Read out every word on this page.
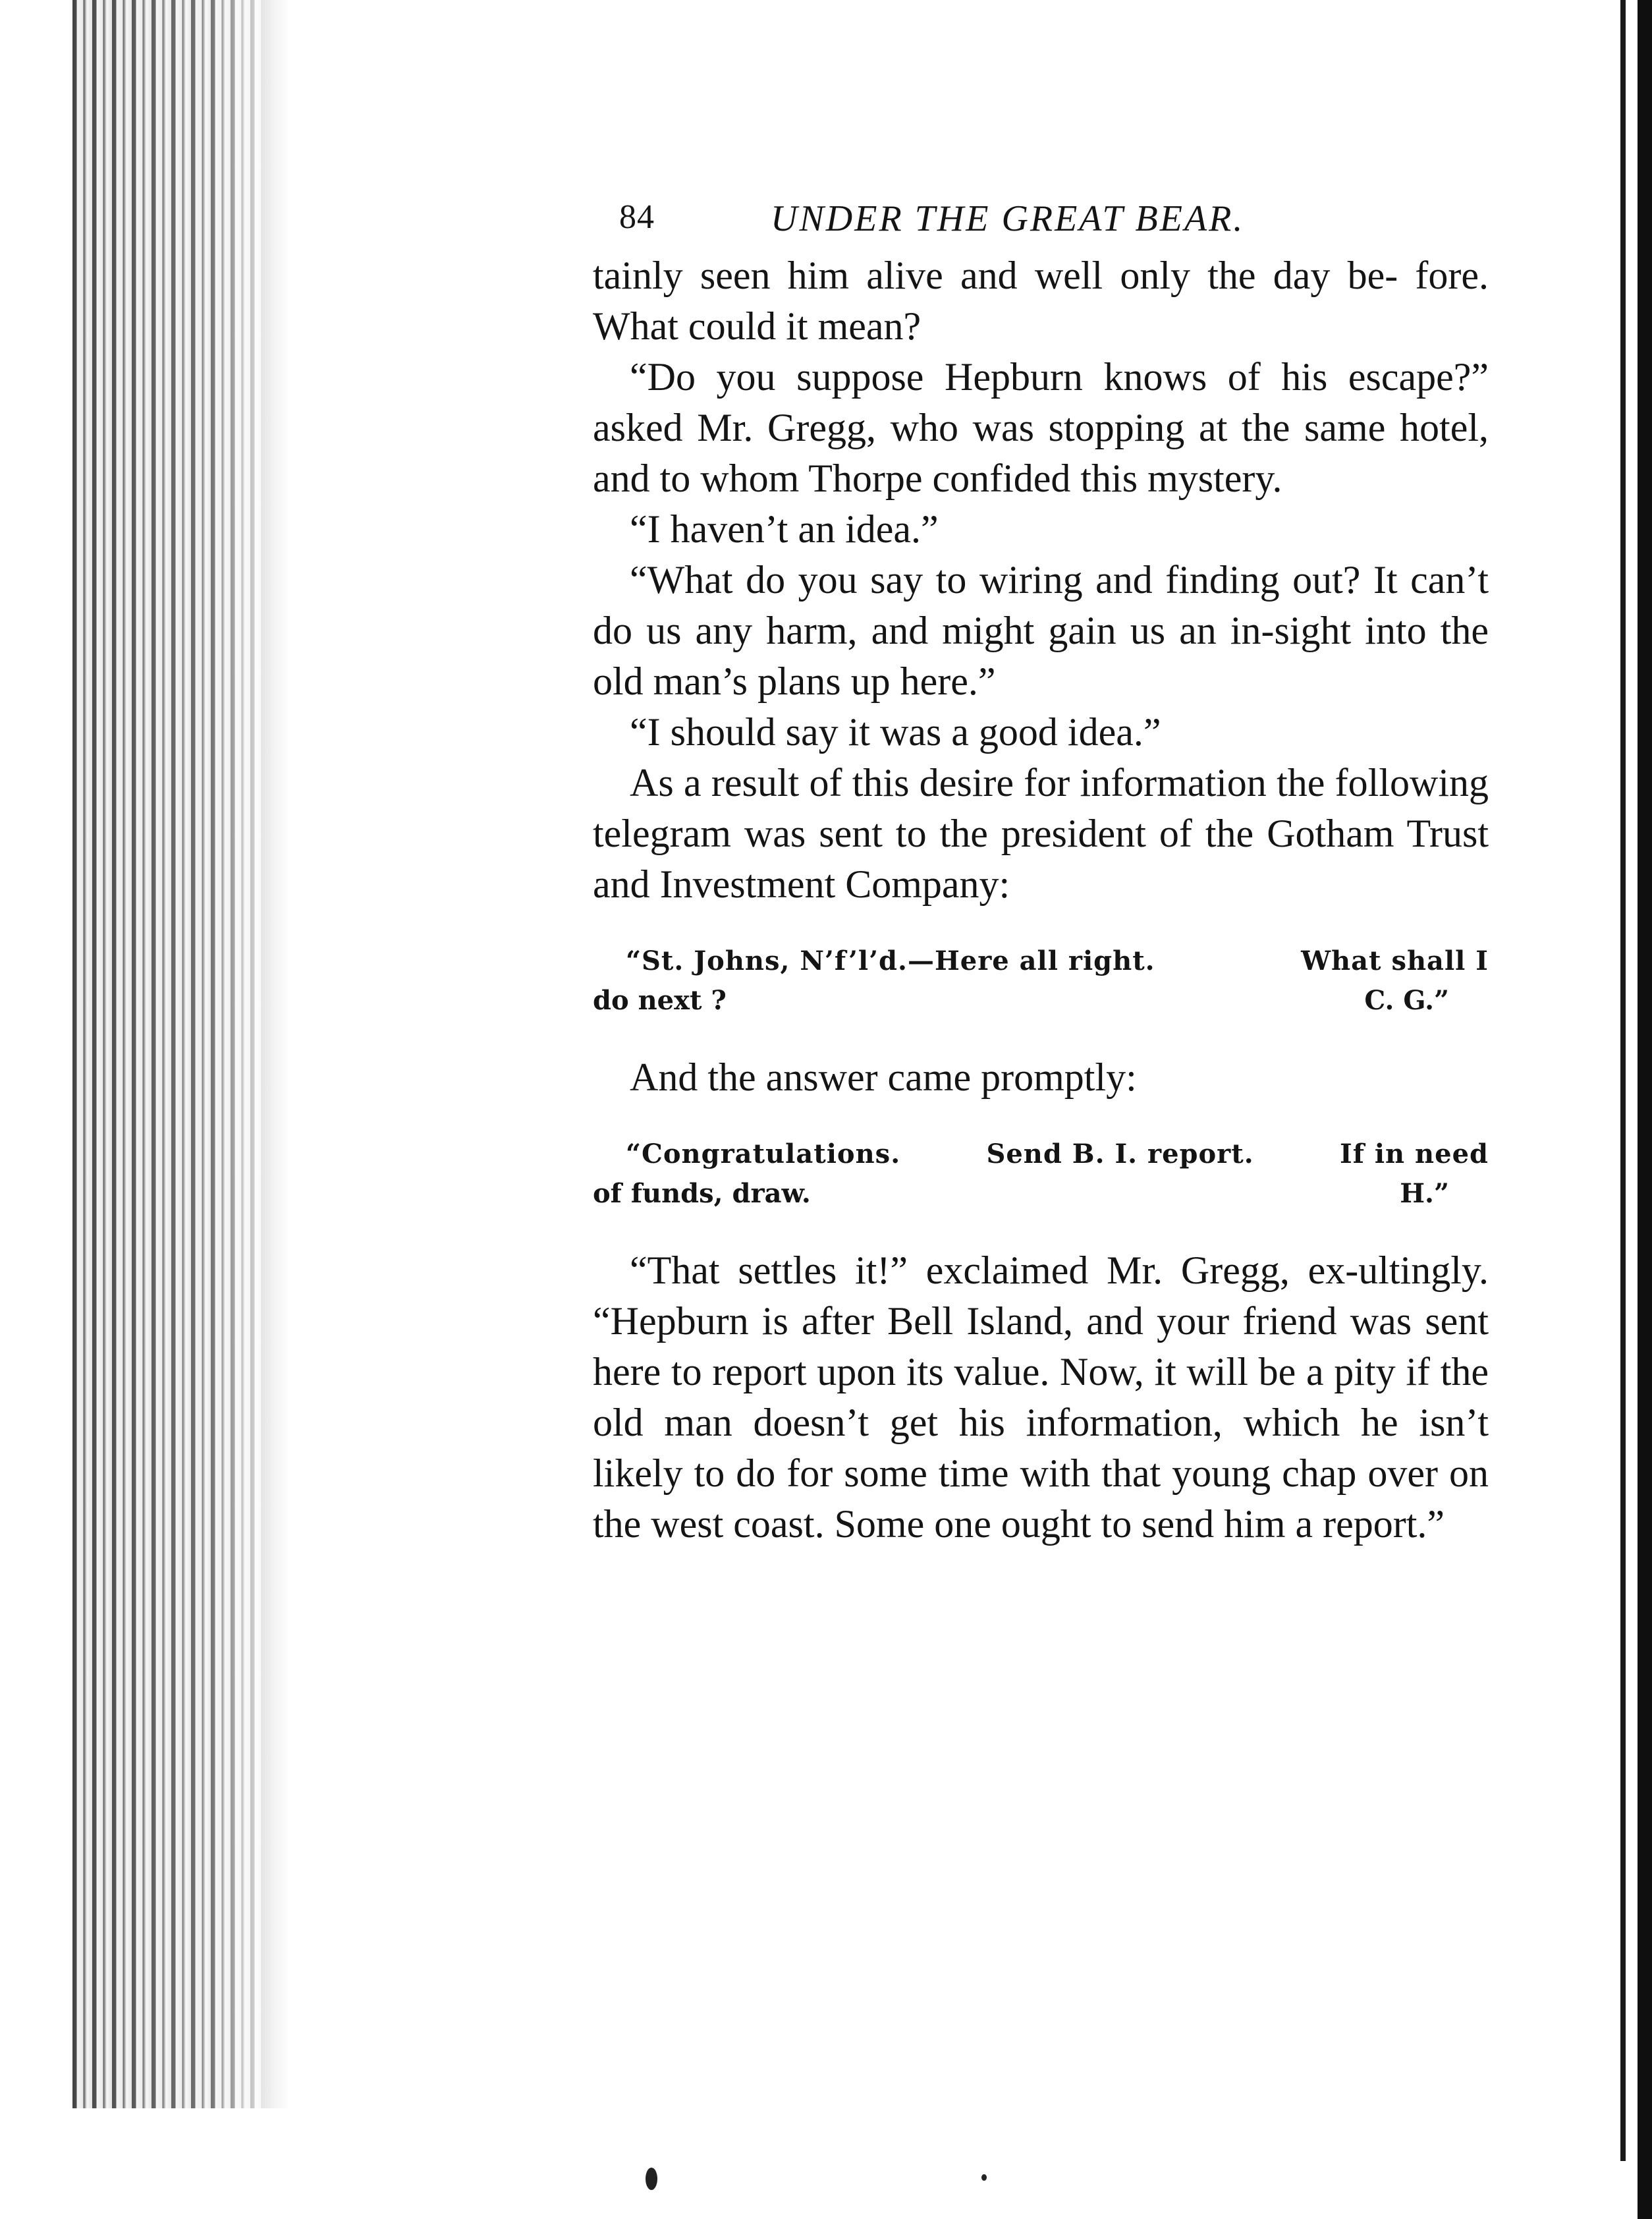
84	UNDER THE GREAT BEAR.

tainly seen him alive and well only the day be- fore. What could it mean?

“Do you suppose Hepburn knows of his escape?” asked Mr. Gregg, who was stopping at the same hotel, and to whom Thorpe confided this mystery.

“I haven’t an idea.”

“What do you say to wiring and finding out? It can’t do us any harm, and might gain us an in-sight into the old man’s plans up here.”

“I should say it was a good idea.”

As a result of this desire for information the following telegram was sent to the president of the Gotham Trust and Investment Company:

“St. Johns, N’f’l’d.—Here all right.	What shall I
do next ?	C. G.”

And the answer came promptly:

“Congratulations.	Send B. I. report.	If in need
of funds, draw.	H.”

“That settles it!” exclaimed Mr. Gregg, ex-ultingly. “Hepburn is after Bell Island, and your friend was sent here to report upon its value. Now, it will be a pity if the old man doesn’t get his information, which he isn’t likely to do for some time with that young chap over on the west coast. Some one ought to send him a report.”
